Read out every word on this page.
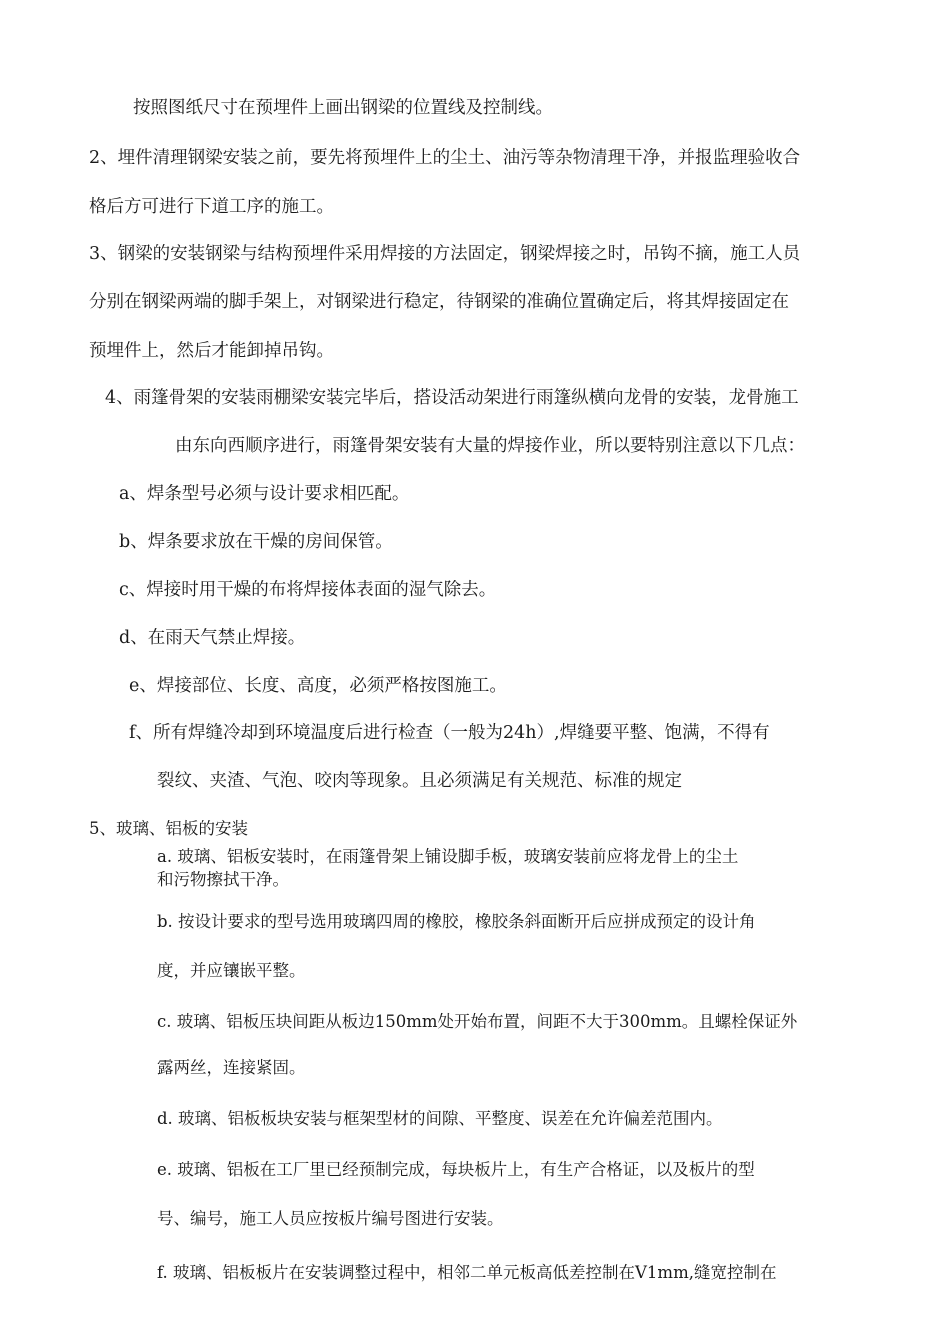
按照图纸尺寸在预埋件上画出钢梁的位置线及控制线。
2、埋件清理钢梁安装之前，要先将预埋件上的尘土、油污等杂物清理干净，并报监理验收合
格后方可进行下道工序的施工。
3、钢梁的安装钢梁与结构预埋件采用焊接的方法固定，钢梁焊接之时，吊钩不摘，施工人员
分别在钢梁两端的脚手架上，对钢梁进行稳定，待钢梁的准确位置确定后，将其焊接固定在
预埋件上，然后才能卸掉吊钩。
4、雨篷骨架的安装雨棚梁安装完毕后，搭设活动架进行雨篷纵横向龙骨的安装，龙骨施工
由东向西顺序进行，雨篷骨架安装有大量的焊接作业，所以要特别注意以下几点：
a、焊条型号必须与设计要求相匹配。
b、焊条要求放在干燥的房间保管。
c、焊接时用干燥的布将焊接体表面的湿气除去。
d、在雨天气禁止焊接。
e、焊接部位、长度、高度，必须严格按图施工。
f、所有焊缝冷却到环境温度后进行检查（一般为24h）,焊缝要平整、饱满，不得有
裂纹、夹渣、气泡、咬肉等现象。且必须满足有关规范、标准的规定
5、玻璃、铝板的安装
a. 玻璃、铝板安装时，在雨篷骨架上铺设脚手板，玻璃安装前应将龙骨上的尘土
和污物擦拭干净。
b. 按设计要求的型号选用玻璃四周的橡胶，橡胶条斜面断开后应拼成预定的设计角
度，并应镶嵌平整。
c. 玻璃、铝板压块间距从板边150mm处开始布置，间距不大于300mm。且螺栓保证外
露两丝，连接紧固。
d. 玻璃、铝板板块安装与框架型材的间隙、平整度、误差在允许偏差范围内。
e. 玻璃、铝板在工厂里已经预制完成，每块板片上，有生产合格证，以及板片的型
号、编号，施工人员应按板片编号图进行安装。
f. 玻璃、铝板板片在安装调整过程中，相邻二单元板高低差控制在V1mm,缝宽控制在
